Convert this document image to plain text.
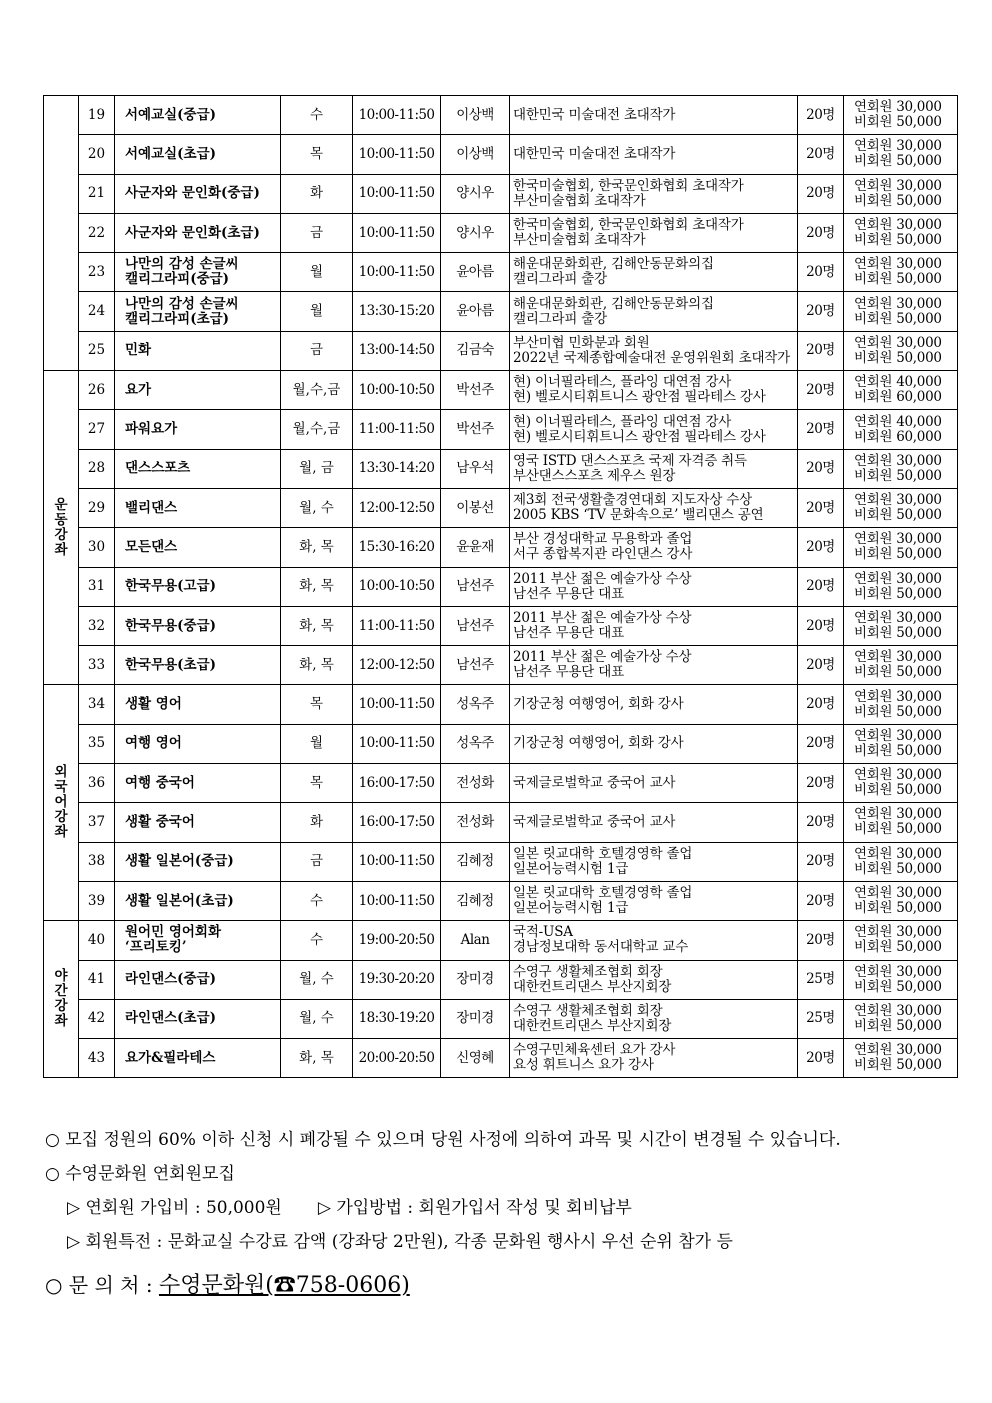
	19	서예교실(중급)	수	10:00-11:50	이상백	대한민국 미술대전 초대작가	20명	연회원 30,000
비회원 50,000

	20	서예교실(초급)	목	10:00-11:50	이상백	대한민국 미술대전 초대작가	20명	연회원 30,000
비회원 50,000

	21	사군자와 문인화(중급)	화	10:00-11:50	양시우	한국미술협회, 한국문인화협회 초대작가
부산미술협회 초대작가	20명	연회원 30,000
비회원 50,000

	22	사군자와 문인화(초급)	금	10:00-11:50	양시우	한국미술협회, 한국문인화협회 초대작가
부산미술협회 초대작가	20명	연회원 30,000
비회원 50,000

	23	나만의 감성 손글씨
캘리그라피(중급)	월	10:00-11:50	윤아름	해운대문화회관, 김해안동문화의집
캘리그라피 출강	20명	연회원 30,000
비회원 50,000

	24	나만의 감성 손글씨
캘리그라피(초급)	월	13:30-15:20	윤아름	해운대문화회관, 김해안동문화의집
캘리그라피 출강	20명	연회원 30,000
비회원 50,000

	25	민화	금	13:00-14:50	김금숙	부산미협 민화분과 회원
2022년 국제종합예술대전 운영위원회 초대작가	20명	연회원 30,000
비회원 50,000

운동강좌	26	요가	월,수,금	10:00-10:50	박선주	현) 이너필라테스, 플라잉 대연점 강사
현) 벨로시티휘트니스 광안점 필라테스 강사	20명	연회원 40,000
비회원 60,000

	27	파워요가	월,수,금	11:00-11:50	박선주	현) 이너필라테스, 플라잉 대연점 강사
현) 벨로시티휘트니스 광안점 필라테스 강사	20명	연회원 40,000
비회원 60,000

	28	댄스스포츠	월, 금	13:30-14:20	남우석	영국 ISTD 댄스스포츠 국제 자격증 취득
부산댄스스포츠 제우스 원장	20명	연회원 30,000
비회원 50,000

	29	밸리댄스	월, 수	12:00-12:50	이봉선	제3회 전국생활출경연대회 지도자상 수상
2005 KBS ‘TV 문화속으로’ 밸리댄스 공연	20명	연회원 30,000
비회원 50,000

	30	모든댄스	화, 목	15:30-16:20	윤윤재	부산 경성대학교 무용학과 졸업
서구 종합복지관 라인댄스 강사	20명	연회원 30,000
비회원 50,000

	31	한국무용(고급)	화, 목	10:00-10:50	남선주	2011 부산 젊은 예술가상 수상
남선주 무용단 대표	20명	연회원 30,000
비회원 50,000

	32	한국무용(중급)	화, 목	11:00-11:50	남선주	2011 부산 젊은 예술가상 수상
남선주 무용단 대표	20명	연회원 30,000
비회원 50,000

	33	한국무용(초급)	화, 목	12:00-12:50	남선주	2011 부산 젊은 예술가상 수상
남선주 무용단 대표	20명	연회원 30,000
비회원 50,000

외국어강좌	34	생활 영어	목	10:00-11:50	성옥주	기장군청 여행영어, 회화 강사	20명	연회원 30,000
비회원 50,000

	35	여행 영어	월	10:00-11:50	성옥주	기장군청 여행영어, 회화 강사	20명	연회원 30,000
비회원 50,000

	36	여행 중국어	목	16:00-17:50	전성화	국제글로벌학교 중국어 교사	20명	연회원 30,000
비회원 50,000

	37	생활 중국어	화	16:00-17:50	전성화	국제글로벌학교 중국어 교사	20명	연회원 30,000
비회원 50,000

	38	생활 일본어(중급)	금	10:00-11:50	김혜정	일본 릿교대학 호텔경영학 졸업
일본어능력시험 1급	20명	연회원 30,000
비회원 50,000

	39	생활 일본어(초급)	수	10:00-11:50	김혜정	일본 릿교대학 호텔경영학 졸업
일본어능력시험 1급	20명	연회원 30,000
비회원 50,000

야간강좌	40	원어민 영어회화
‘프리토킹’	수	19:00-20:50	Alan	국적-USA
경남정보대학 동서대학교 교수	20명	연회원 30,000
비회원 50,000

	41	라인댄스(중급)	월, 수	19:30-20:20	장미경	수영구 생활체조협회 회장
대한컨트리댄스 부산지회장	25명	연회원 30,000
비회원 50,000

	42	라인댄스(초급)	월, 수	18:30-19:20	장미경	수영구 생활체조협회 회장
대한컨트리댄스 부산지회장	25명	연회원 30,000
비회원 50,000

	43	요가&필라테스	화, 목	20:00-20:50	신영혜	수영구민체육센터 요가 강사
요성 휘트니스 요가 강사	20명	연회원 30,000
비회원 50,000

○ 모집 정원의 60% 이하 신청 시 폐강될 수 있으며 당원 사정에 의하여 과목 및 시간이 변경될 수 있습니다.

○ 수영문화원 연회원모집

▷ 연회원 가입비 : 50,000원 ▷ 가입방법 : 회원가입서 작성 및 회비납부

▷ 회원특전 : 문화교실 수강료 감액 (강좌당 2만원), 각종 문화원 행사시 우선 순위 참가 등

○ 문 의 처 : 수영문화원(☎758-0606)
